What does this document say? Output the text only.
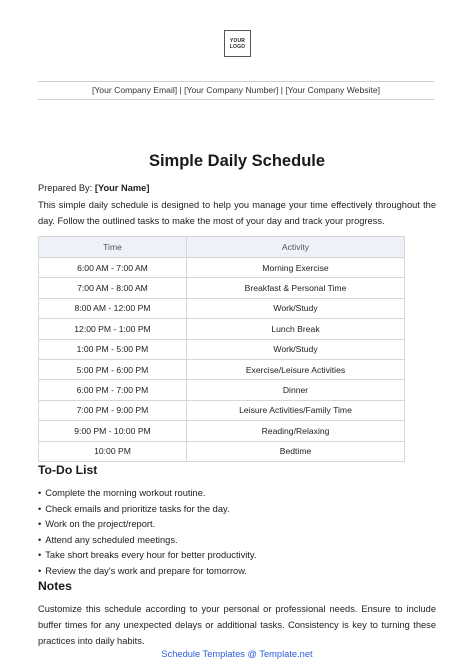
YOUR
LOGO
[Your Company Email] | [Your Company Number] | [Your Company Website]
Simple Daily Schedule
Prepared By: [Your Name]
This simple daily schedule is designed to help you manage your time effectively throughout the day. Follow the outlined tasks to make the most of your day and track your progress.
Time	Activity
6:00 AM - 7:00 AM	Morning Exercise
7:00 AM - 8:00 AM	Breakfast & Personal Time
8:00 AM - 12:00 PM	Work/Study
12:00 PM - 1:00 PM	Lunch Break
1:00 PM - 5:00 PM	Work/Study
5:00 PM - 6:00 PM	Exercise/Leisure Activities
6:00 PM - 7:00 PM	Dinner
7:00 PM - 9:00 PM	Leisure Activities/Family Time
9:00 PM - 10:00 PM	Reading/Relaxing
10:00 PM	Bedtime
To-Do List
• Complete the morning workout routine.
• Check emails and prioritize tasks for the day.
• Work on the project/report.
• Attend any scheduled meetings.
• Take short breaks every hour for better productivity.
• Review the day's work and prepare for tomorrow.
Notes
Customize this schedule according to your personal or professional needs. Ensure to include buffer times for any unexpected delays or additional tasks. Consistency is key to turning these practices into daily habits.
Schedule Templates @ Template.net
